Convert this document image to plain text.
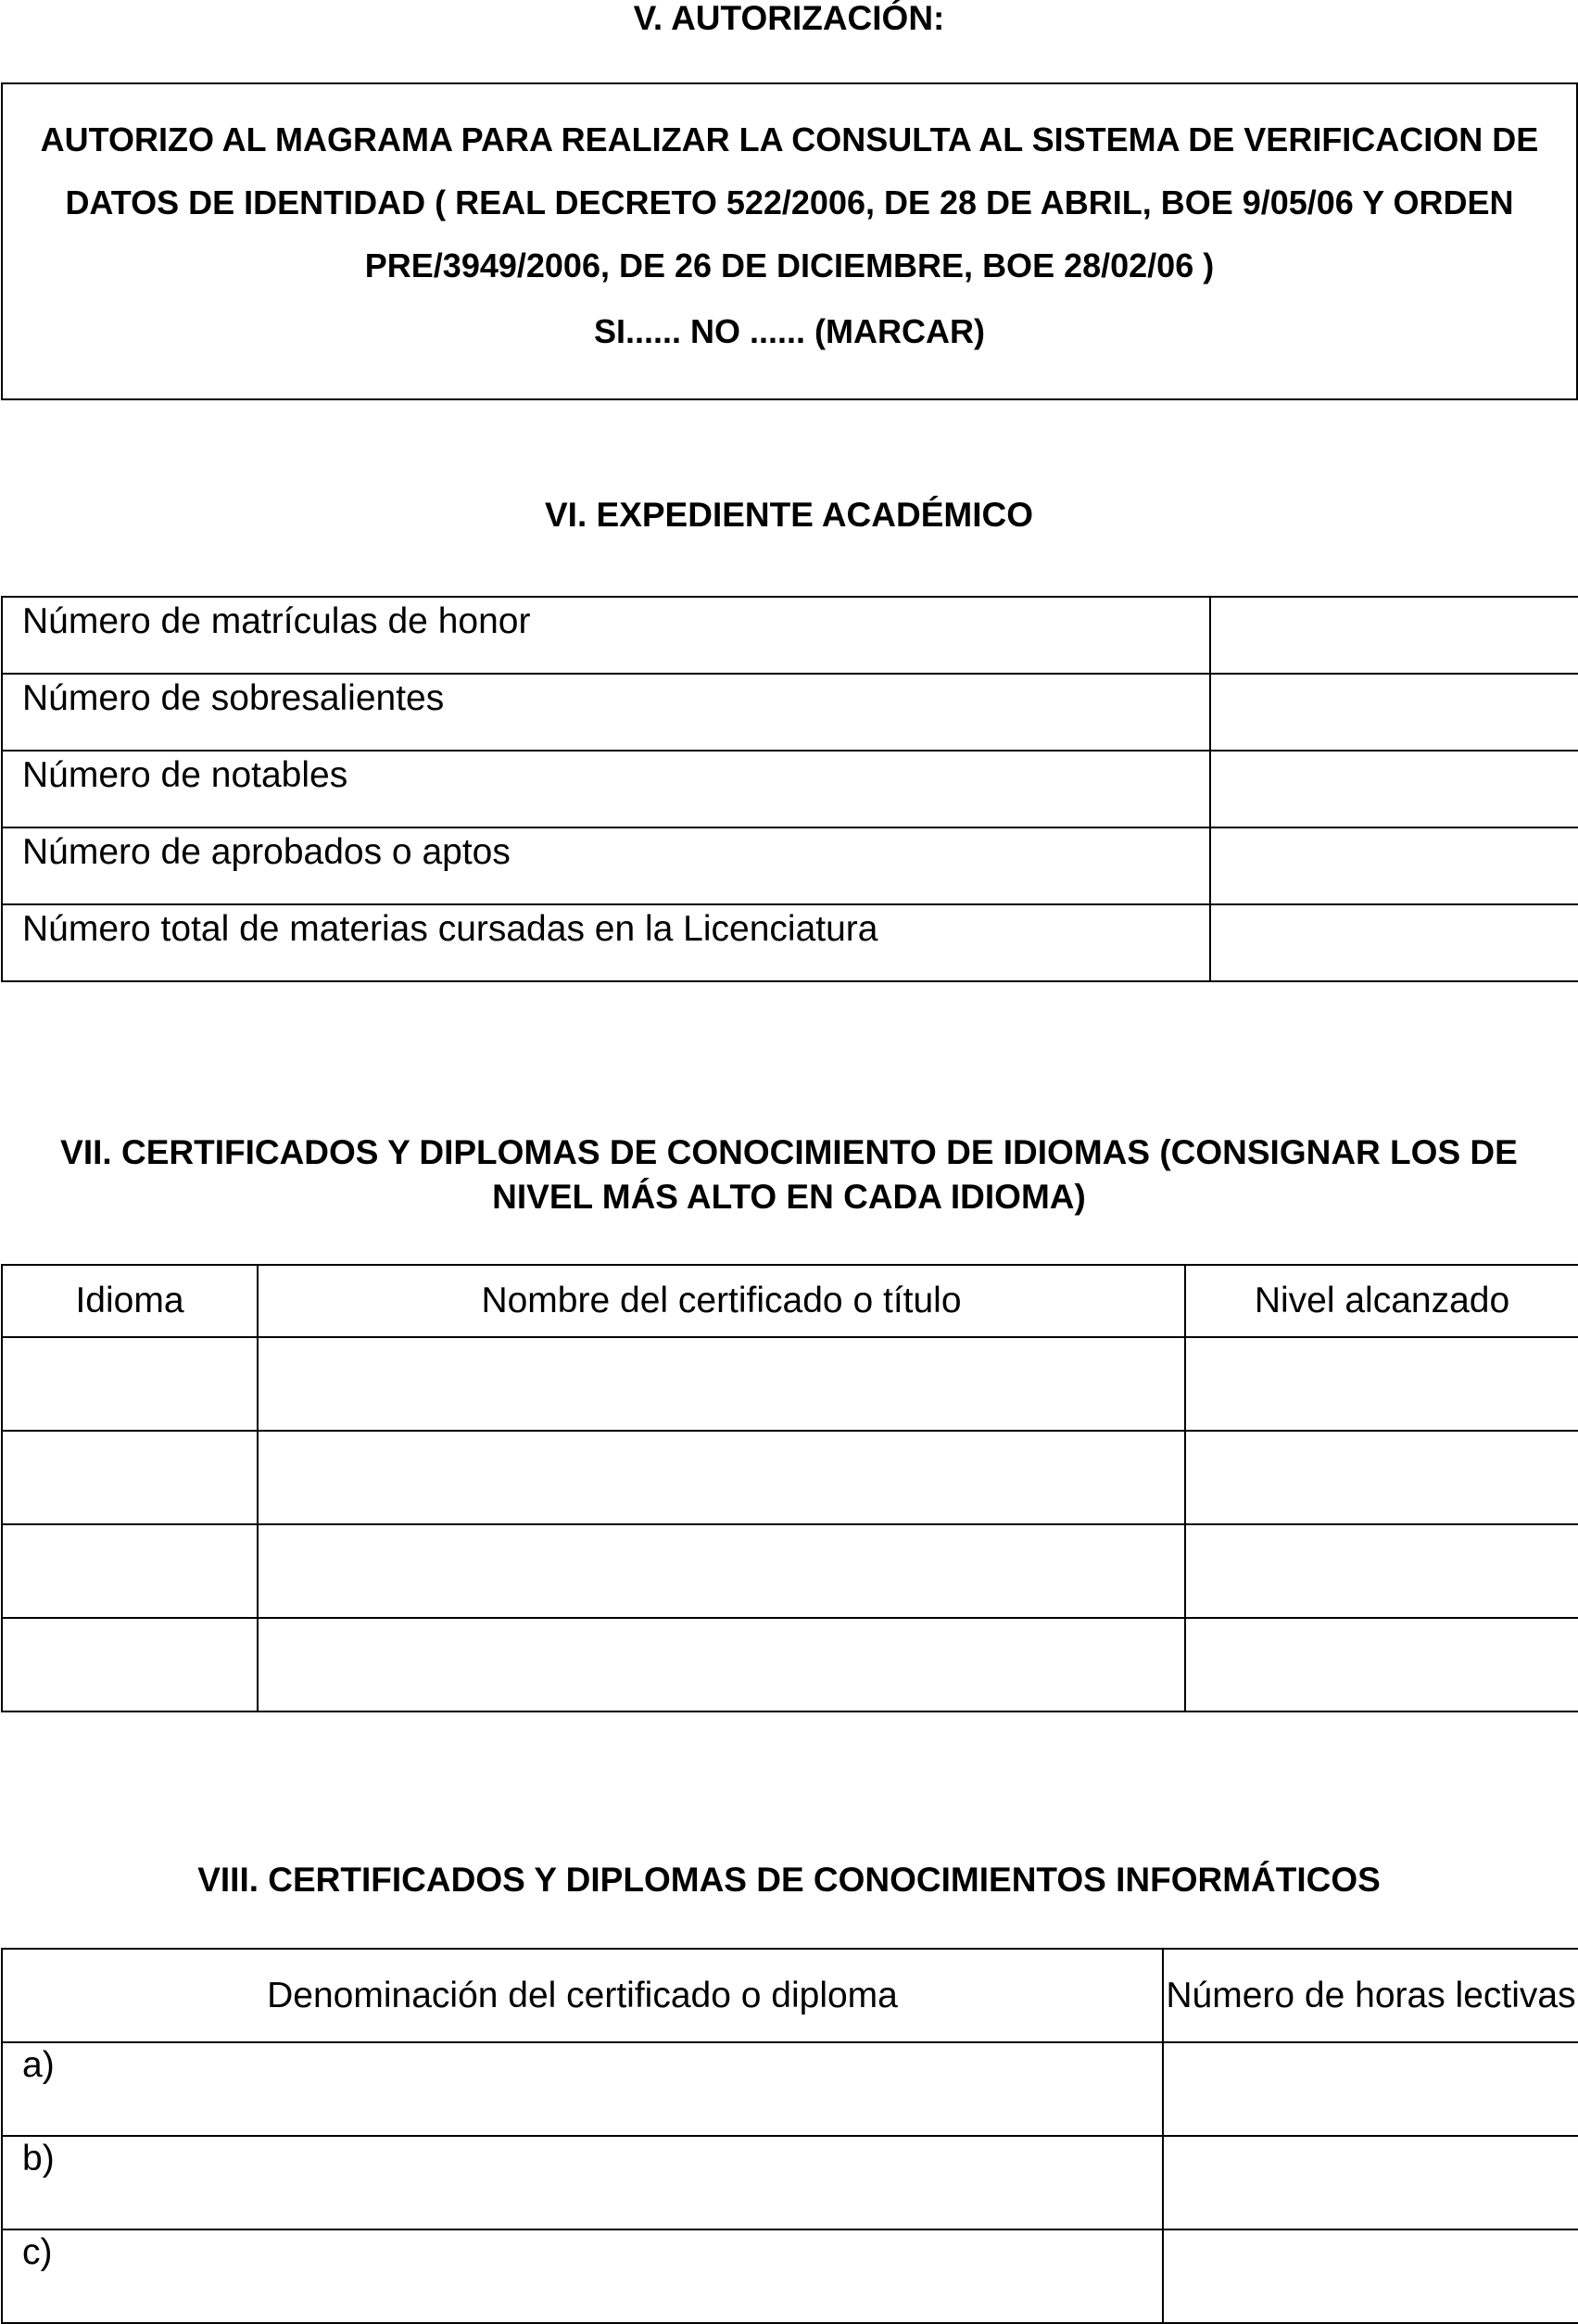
V. AUTORIZACIÓN:
AUTORIZO AL MAGRAMA PARA REALIZAR LA CONSULTA AL SISTEMA DE VERIFICACION DE DATOS DE IDENTIDAD ( REAL DECRETO 522/2006, DE 28 DE ABRIL, BOE 9/05/06 Y ORDEN PRE/3949/2006, DE 26 DE DICIEMBRE, BOE 28/02/06 )
SI...... NO ...... (MARCAR)
VI. EXPEDIENTE ACADÉMICO
Número de matrículas de honor	
Número de sobresalientes	
Número de notables	
Número de aprobados o aptos	
Número total de materias cursadas en la Licenciatura	
VII. CERTIFICADOS Y DIPLOMAS DE CONOCIMIENTO DE IDIOMAS (CONSIGNAR LOS DE NIVEL MÁS ALTO EN CADA IDIOMA)
Idioma	Nombre del certificado o título	Nivel alcanzado

VIII. CERTIFICADOS Y DIPLOMAS DE CONOCIMIENTOS INFORMÁTICOS
Denominación del certificado o diploma	Número de horas lectivas
a)	
b)	
c)	
